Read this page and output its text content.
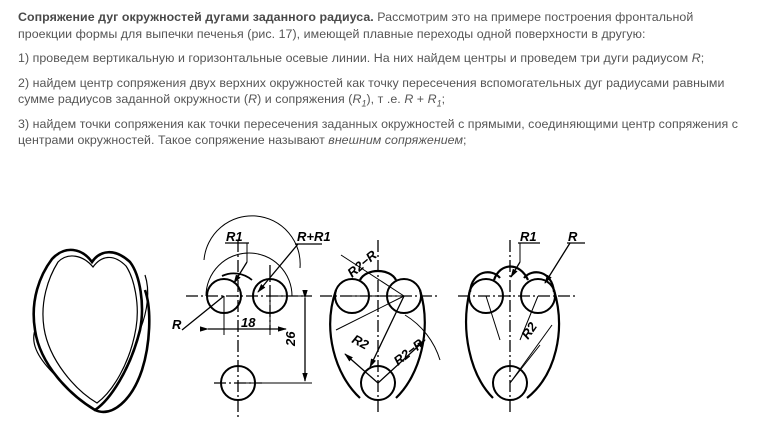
Сопряжение дуг окружностей дугами заданного радиуса. Рассмотрим это на примере построения фронтальной проекции формы для выпечки печенья (рис. 17), имеющей плавные переходы одной поверхности в другую:

1) проведем вертикальную и горизонтальные осевые линии. На них найдем центры и проведем три дуги радиусом R;

2) найдем центр сопряжения двух верхних окружностей как точку пересечения вспомогательных дуг радиусами равными сумме радиусов заданной окружности (R) и сопряжения $(R_1)$, т .е. $R + R_1$;

3) найдем точки сопряжения как точки пересечения заданных окружностей с прямыми, соединяющими центр сопряжения с центрами окружностей. Такое сопряжение называют внешним сопряжением;

R1	R+R1
R	18
26
R2−R
R2 R2−R
R1 R
R2
